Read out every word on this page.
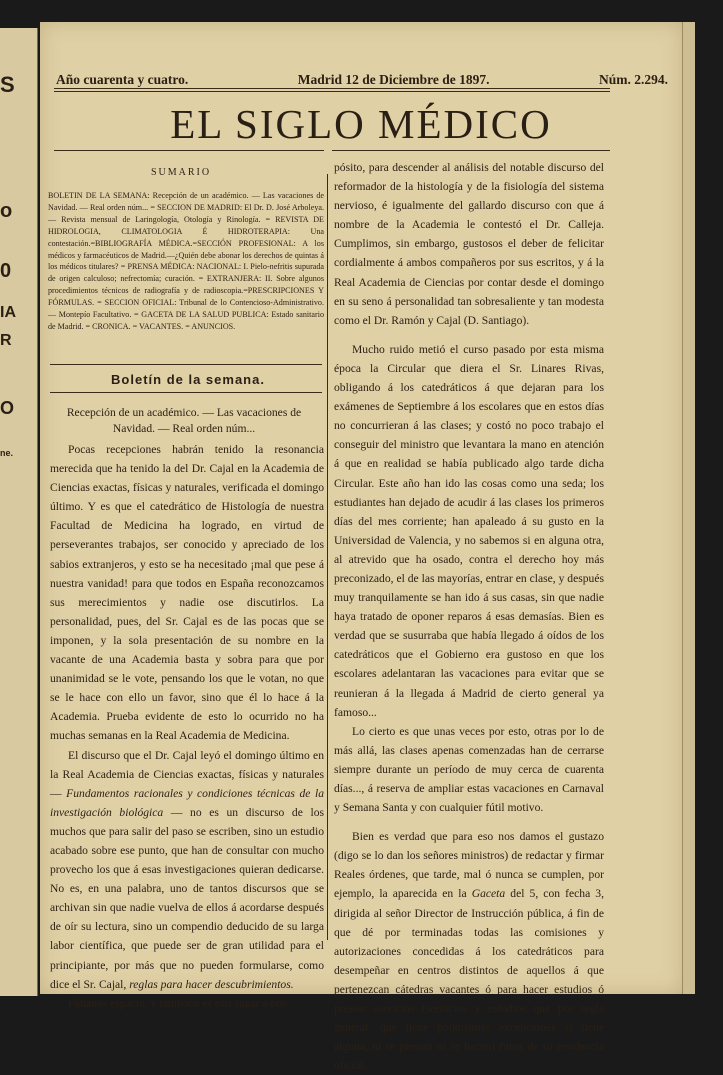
S
o
0
IA
R
O
ne.
Año cuarenta y cuatro.	Madrid 12 de Diciembre de 1897.	Núm. 2.294.
EL SIGLO MÉDICO
SUMARIO
BOLETIN DE LA SEMANA: Recepción de un académico. — Las vacaciones de Navidad. — Real orden núm... = SECCION DE MADRID: El Dr. D. José Arboleya. — Revista mensual de Laringología, Otología y Rinología. = REVISTA DE HIDROLOGIA, CLIMATOLOGIA É HIDROTERAPIA: Una contestación.=BIBLIOGRAFÍA MÉDICA.=SECCIÓN PROFESIONAL: A los médicos y farmacéuticos de Madrid.—¿Quién debe abonar los derechos de quintas á los médicos titulares? = PRENSA MÉDICA: NACIONAL: I. Pielo-nefritis supurada de origen calculoso; nefrectomía; curación. = EXTRANJERA: II. Sobre algunos procedimientos técnicos de radiografía y de radioscopia.=PRESCRIPCIONES Y FÓRMULAS. = SECCION OFICIAL: Tribunal de lo Contencioso-Administrativo. — Montepío Facultativo. = GACETA DE LA SALUD PUBLICA: Estado sanitario de Madrid. = CRONICA. = VACANTES. = ANUNCIOS.
Boletín de la semana.
Recepción de un académico. — Las vacaciones de Navidad. — Real orden núm...

Pocas recepciones habrán tenido la resonancia merecida que ha tenido la del Dr. Cajal en la Academia de Ciencias exactas, físicas y naturales, verificada el domingo último. Y es que el catedrático de Histología de nuestra Facultad de Medicina ha logrado, en virtud de perseverantes trabajos, ser conocido y apreciado de los sabios extranjeros, y esto se ha necesitado ¡mal que pese á nuestra vanidad! para que todos en España reconozcamos sus merecimientos y nadie ose discutirlos. La personalidad, pues, del Sr. Cajal es de las pocas que se imponen, y la sola presentación de su nombre en la vacante de una Academia basta y sobra para que por unanimidad se le vote, pensando los que le votan, no que se le hace con ello un favor, sino que él lo hace á la Academia. Prueba evidente de esto lo ocurrido no ha muchas semanas en la Real Academia de Medicina.

El discurso que el Dr. Cajal leyó el domingo último en la Real Academia de Ciencias exactas, físicas y naturales — Fundamentos racionales y condiciones técnicas de la investigación biológica — no es un discurso de los muchos que para salir del paso se escriben, sino un estudio acabado sobre ese punto, que han de consultar con mucho provecho los que á esas investigaciones quieran dedicarse. No es, en una palabra, uno de tantos discursos que se archivan sin que nadie vuelva de ellos á acordarse después de oír su lectura, sino un compendio deducido de su larga labor científica, que puede ser de gran utilidad para el principiante, por más que no pueden formularse, como dice el Sr. Cajal, reglas para hacer descubrimientos.

Fáltanos espacio, y tampoco es éste lugar á pro-

pósito, para descender al análisis del notable discurso del reformador de la histología y de la fisiología del sistema nervioso, é igualmente del gallardo discurso con que á nombre de la Academia le contestó el Dr. Calleja. Cumplimos, sin embargo, gustosos el deber de felicitar cordialmente á ambos compañeros por sus escritos, y á la Real Academia de Ciencias por contar desde el domingo en su seno á personalidad tan sobresaliente y tan modesta como el Dr. Ramón y Cajal (D. Santiago).

Mucho ruido metió el curso pasado por esta misma época la Circular que diera el Sr. Linares Rivas, obligando á los catedráticos á que dejaran para los exámenes de Septiembre á los escolares que en estos días no concurrieran á las clases; y costó no poco trabajo el conseguir del ministro que levantara la mano en atención á que en realidad se había publicado algo tarde dicha Circular. Este año han ido las cosas como una seda; los estudiantes han dejado de acudir á las clases los primeros días del mes corriente; han apaleado á su gusto en la Universidad de Valencia, y no sabemos si en alguna otra, al atrevido que ha osado, contra el derecho hoy más preconizado, el de las mayorías, entrar en clase, y después muy tranquilamente se han ido á sus casas, sin que nadie haya tratado de oponer reparos á esas demasías. Bien es verdad que se susurraba que había llegado á oídos de los catedráticos que el Gobierno era gustoso en que los escolares adelantaran las vacaciones para evitar que se reunieran á la llegada á Madrid de cierto general ya famoso...

Lo cierto es que unas veces por esto, otras por lo de más allá, las clases apenas comenzadas han de cerrarse siempre durante un período de muy cerca de cuarenta días..., á reserva de ampliar estas vacaciones en Carnaval y Semana Santa y con cualquier fútil motivo.

Bien es verdad que para eso nos damos el gustazo (digo se lo dan los señores ministros) de redactar y firmar Reales órdenes, que tarde, mal ó nunca se cumplen, por ejemplo, la aparecida en la Gaceta del 5, con fecha 3, dirigida al señor Director de Instrucción pública, á fin de que dé por terminadas todas las comisiones y autorizaciones concedidas á los catedráticos para desempeñar en centros distintos de aquellos á que pertenezcan cátedras vacantes ó para hacer estudios ó prestar servicios (servicios y estudios que por regla general, que tiene poquísimas excepciones si tiene alguna, ni se prestan ni se hacen) fuera de su residencia oficial.
